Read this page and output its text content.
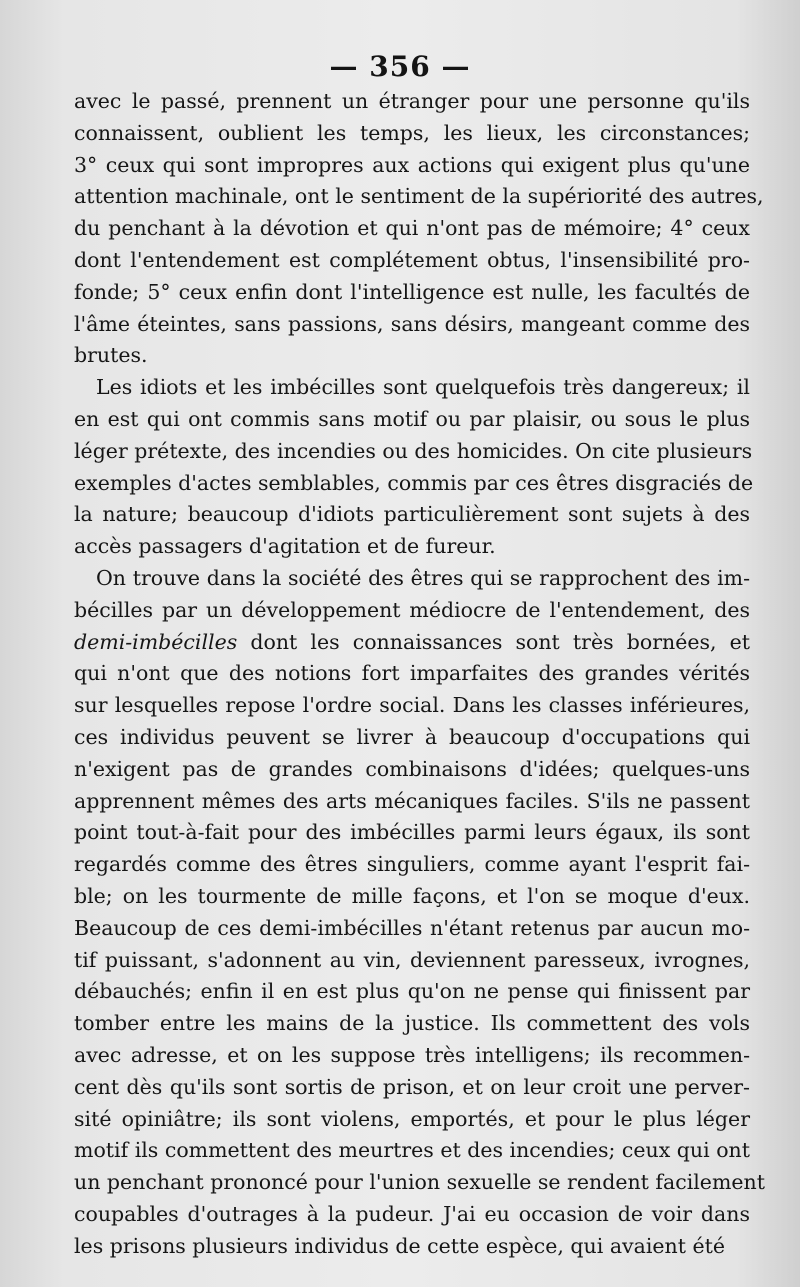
— 356 —
avec le passé, prennent un étranger pour une personne qu'ils
connaissent, oublient les temps, les lieux, les circonstances;
3° ceux qui sont impropres aux actions qui exigent plus qu'une
attention machinale, ont le sentiment de la supériorité des autres,
du penchant à la dévotion et qui n'ont pas de mémoire; 4° ceux
dont l'entendement est complétement obtus, l'insensibilité pro-
fonde; 5° ceux enfin dont l'intelligence est nulle, les facultés de
l'âme éteintes, sans passions, sans désirs, mangeant comme des
brutes.
Les idiots et les imbécilles sont quelquefois très dangereux; il
en est qui ont commis sans motif ou par plaisir, ou sous le plus
léger prétexte, des incendies ou des homicides. On cite plusieurs
exemples d'actes semblables, commis par ces êtres disgraciés de
la nature; beaucoup d'idiots particulièrement sont sujets à des
accès passagers d'agitation et de fureur.
On trouve dans la société des êtres qui se rapprochent des im-
bécilles par un développement médiocre de l'entendement, des
demi-imbécilles dont les connaissances sont très bornées, et
qui n'ont que des notions fort imparfaites des grandes vérités
sur lesquelles repose l'ordre social. Dans les classes inférieures,
ces individus peuvent se livrer à beaucoup d'occupations qui
n'exigent pas de grandes combinaisons d'idées; quelques-uns
apprennent mêmes des arts mécaniques faciles. S'ils ne passent
point tout-à-fait pour des imbécilles parmi leurs égaux, ils sont
regardés comme des êtres singuliers, comme ayant l'esprit fai-
ble; on les tourmente de mille façons, et l'on se moque d'eux.
Beaucoup de ces demi-imbécilles n'étant retenus par aucun mo-
tif puissant, s'adonnent au vin, deviennent paresseux, ivrognes,
débauchés; enfin il en est plus qu'on ne pense qui finissent par
tomber entre les mains de la justice. Ils commettent des vols
avec adresse, et on les suppose très intelligens; ils recommen-
cent dès qu'ils sont sortis de prison, et on leur croit une perver-
sité opiniâtre; ils sont violens, emportés, et pour le plus léger
motif ils commettent des meurtres et des incendies; ceux qui ont
un penchant prononcé pour l'union sexuelle se rendent facilement
coupables d'outrages à la pudeur. J'ai eu occasion de voir dans
les prisons plusieurs individus de cette espèce, qui avaient été
